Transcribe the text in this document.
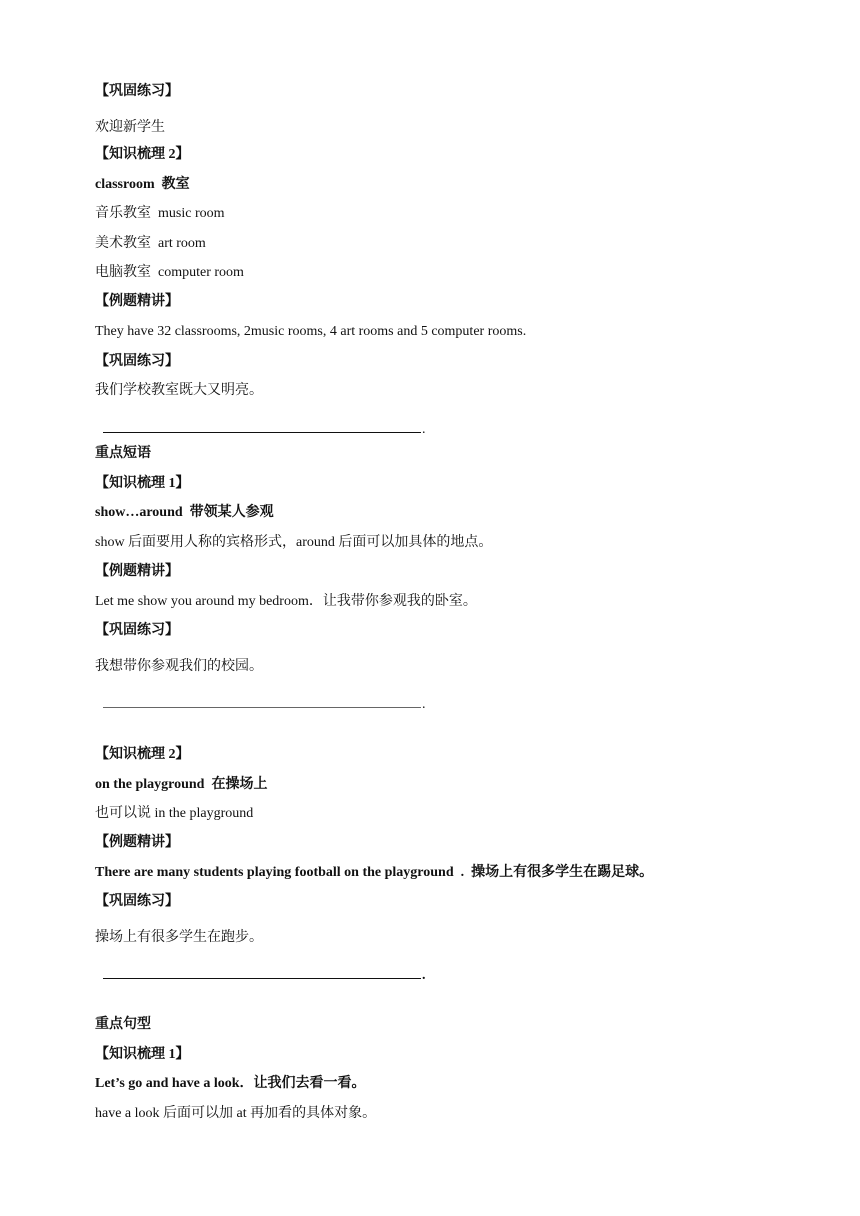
【巩固练习】
欢迎新学生
【知识梳理 2】
classroom  教室
音乐教室  music room
美术教室  art room
电脑教室  computer room
【例题精讲】
They have 32 classrooms, 2music rooms, 4 art rooms and 5 computer rooms.
【巩固练习】
我们学校教室既大又明亮。
.
重点短语
【知识梳理 1】
show…around  带领某人参观
show 后面要用人称的宾格形式，around 后面可以加具体的地点。
【例题精讲】
Let me show you around my bedroom．让我带你参观我的卧室。
【巩固练习】
我想带你参观我们的校园。
.
【知识梳理 2】
on the playground  在操场上
也可以说 in the playground
【例题精讲】
There are many students playing football on the playground  .  操场上有很多学生在踢足球。
【巩固练习】
操场上有很多学生在跑步。
.
重点句型
【知识梳理 1】
Let’s go and have a look．让我们去看一看。
have a look 后面可以加 at 再加看的具体对象。
